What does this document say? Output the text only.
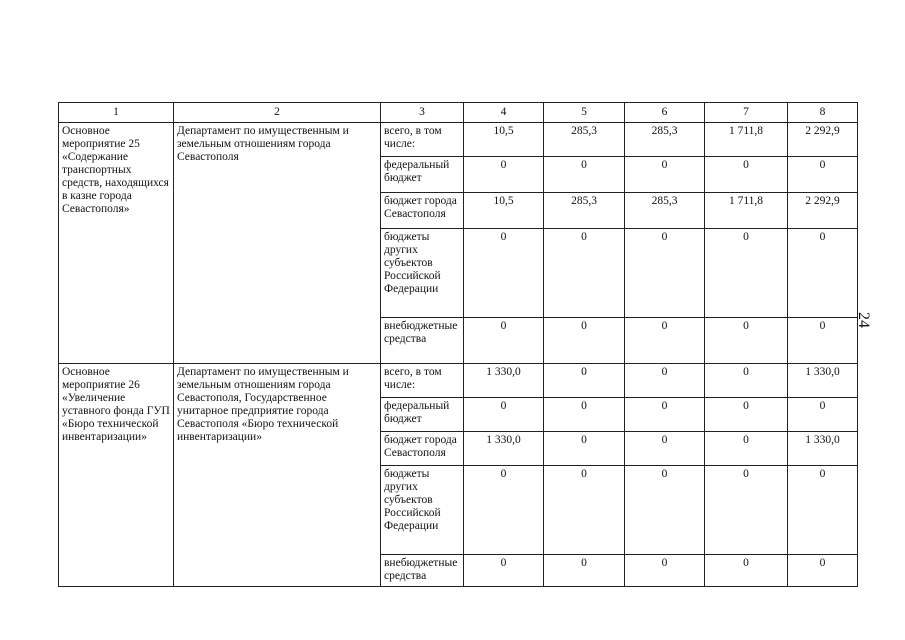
1	2	3	4	5	6	7	8
Основное мероприятие 25 «Содержание транспортных средств, находящихся в казне города Севастополя»	Департамент по имущественным и земельным отношениям города Севастополя	всего, в том числе:	10,5	285,3	285,3	1 711,8	2 292,9
		федеральный бюджет	0	0	0	0	0
		бюджет города Севастополя	10,5	285,3	285,3	1 711,8	2 292,9
		бюджеты других субъектов Российской Федерации	0	0	0	0	0
		внебюджетные средства	0	0	0	0	0
Основное мероприятие 26 «Увеличение уставного фонда ГУП «Бюро технической инвентаризации»	Департамент по имущественным и земельным отношениям города Севастополя, Государственное унитарное предприятие города Севастополя «Бюро технической инвентаризации»	всего, в том числе:	1 330,0	0	0	0	1 330,0
		федеральный бюджет	0	0	0	0	0
		бюджет города Севастополя	1 330,0	0	0	0	1 330,0
		бюджеты других субъектов Российской Федерации	0	0	0	0	0
		внебюджетные средства	0	0	0	0	0
24
